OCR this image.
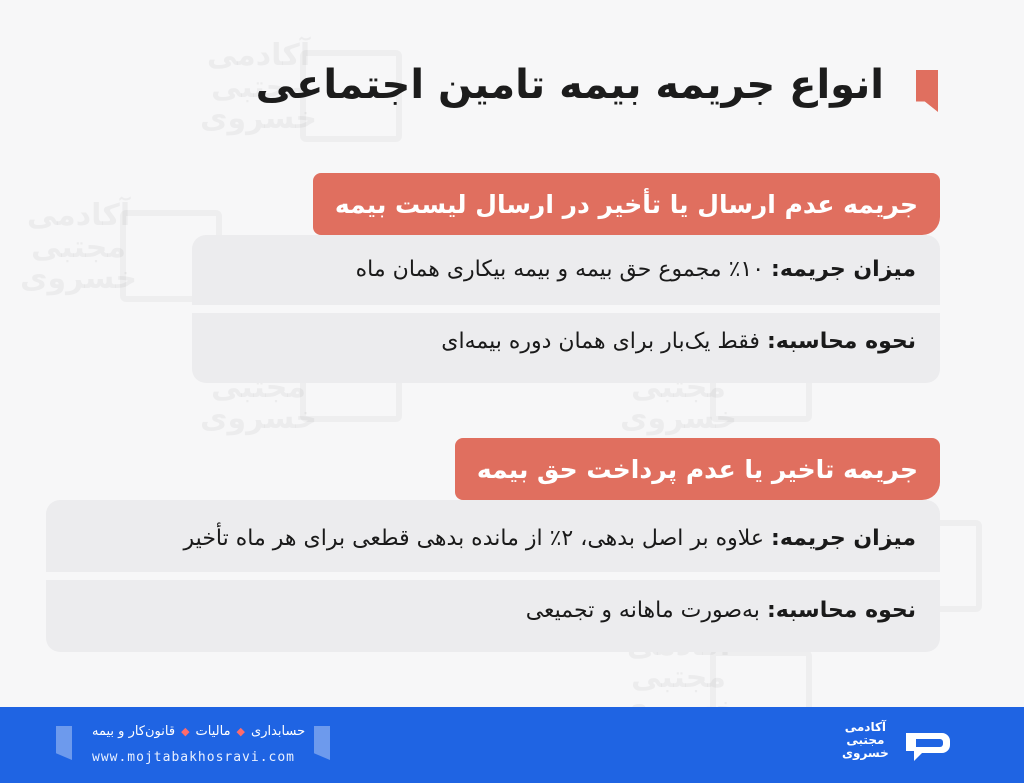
انواع جریمه بیمه تامین اجتماعی
میزان جریمه: ۱۰٪ مجموع حق بیمه و بیمه بیکاری همان ماه
نحوه محاسبه: فقط یک‌بار برای همان دوره بیمه‌ای
جریمه عدم ارسال یا تأخیر در ارسال لیست بیمه
میزان جریمه: علاوه بر اصل بدهی، ۲٪ از مانده بدهی قطعی برای هر ماه تأخیر
نحوه محاسبه: به‌صورت ماهانه و تجمیعی
جریمه تاخیر یا عدم پرداخت حق بیمه
حسابداری
◆
مالیات
◆
قانون‌کار و بیمه
www.mojtabakhosravi.com
آکادمی
مجتبی
خسروی
